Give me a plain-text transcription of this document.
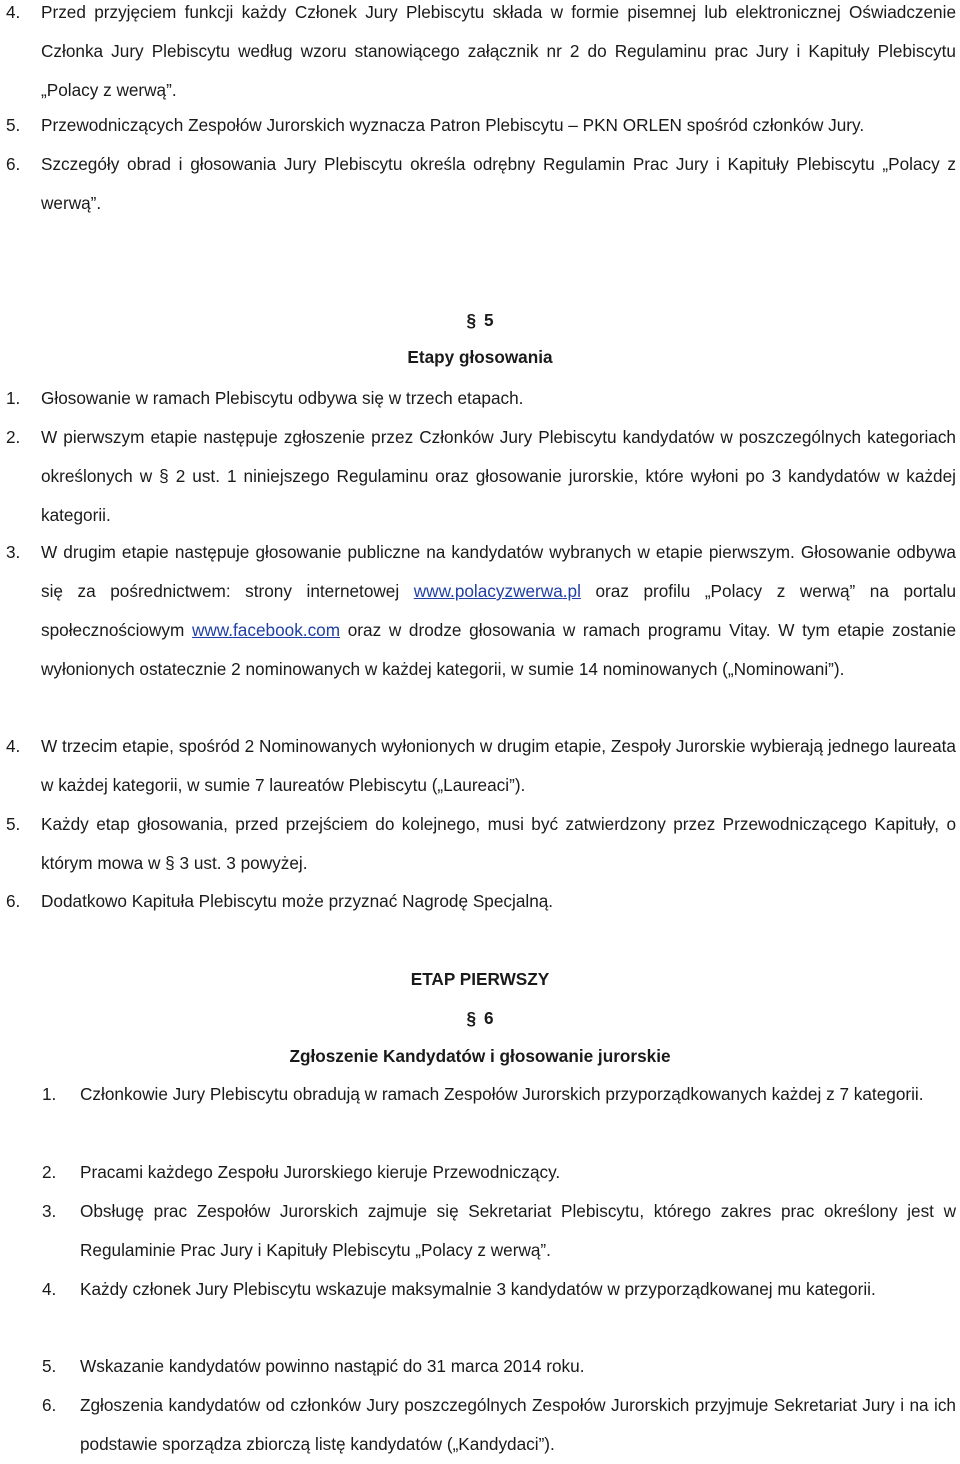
4. Przed przyjęciem funkcji każdy Członek Jury Plebiscytu składa w formie pisemnej lub elektronicznej Oświadczenie Członka Jury Plebiscytu według wzoru stanowiącego załącznik nr 2 do Regulaminu prac Jury i Kapituły Plebiscytu „Polacy z werwą”.
5. Przewodniczących Zespołów Jurorskich wyznacza Patron Plebiscytu – PKN ORLEN spośród członków Jury.
6. Szczegóły obrad i głosowania Jury Plebiscytu określa odrębny Regulamin Prac Jury i Kapituły Plebiscytu „Polacy z werwą”.
§ 5
Etapy głosowania
1. Głosowanie w ramach Plebiscytu odbywa się w trzech etapach.
2. W pierwszym etapie następuje zgłoszenie przez Członków Jury Plebiscytu kandydatów w poszczególnych kategoriach określonych w § 2 ust. 1 niniejszego Regulaminu oraz głosowanie jurorskie, które wyłoni po 3 kandydatów w każdej kategorii.
3. W drugim etapie następuje głosowanie publiczne na kandydatów wybranych w etapie pierwszym. Głosowanie odbywa się za pośrednictwem: strony internetowej www.polacyzwerwa.pl oraz profilu „Polacy z werwą” na portalu społecznościowym www.facebook.com oraz w drodze głosowania w ramach programu Vitay. W tym etapie zostanie wyłonionych ostatecznie 2 nominowanych w każdej kategorii, w sumie 14 nominowanych („Nominowani”).
4. W trzecim etapie, spośród 2 Nominowanych wyłonionych w drugim etapie, Zespoły Jurorskie wybierają jednego laureata w każdej kategorii, w sumie 7 laureatów Plebiscytu („Laureaci”).
5. Każdy etap głosowania, przed przejściem do kolejnego, musi być zatwierdzony przez Przewodniczącego Kapituły, o którym mowa w § 3 ust. 3 powyżej.
6. Dodatkowo Kapituła Plebiscytu może przyznać Nagrodę Specjalną.
ETAP PIERWSZY
§ 6
Zgłoszenie Kandydatów i głosowanie jurorskie
1. Członkowie Jury Plebiscytu obradują w ramach Zespołów Jurorskich przyporządkowanych każdej z 7 kategorii.
2. Pracami każdego Zespołu Jurorskiego kieruje Przewodniczący.
3. Obsługę prac Zespołów Jurorskich zajmuje się Sekretariat Plebiscytu, którego zakres prac określony jest w Regulaminie Prac Jury i Kapituły Plebiscytu „Polacy z werwą”.
4. Każdy członek Jury Plebiscytu wskazuje maksymalnie 3 kandydatów w przyporządkowanej mu kategorii.
5. Wskazanie kandydatów powinno nastąpić do 31 marca 2014 roku.
6. Zgłoszenia kandydatów od członków Jury poszczególnych Zespołów Jurorskich przyjmuje Sekretariat Jury i na ich podstawie sporządza zbiorczą listę kandydatów („Kandydaci”).
